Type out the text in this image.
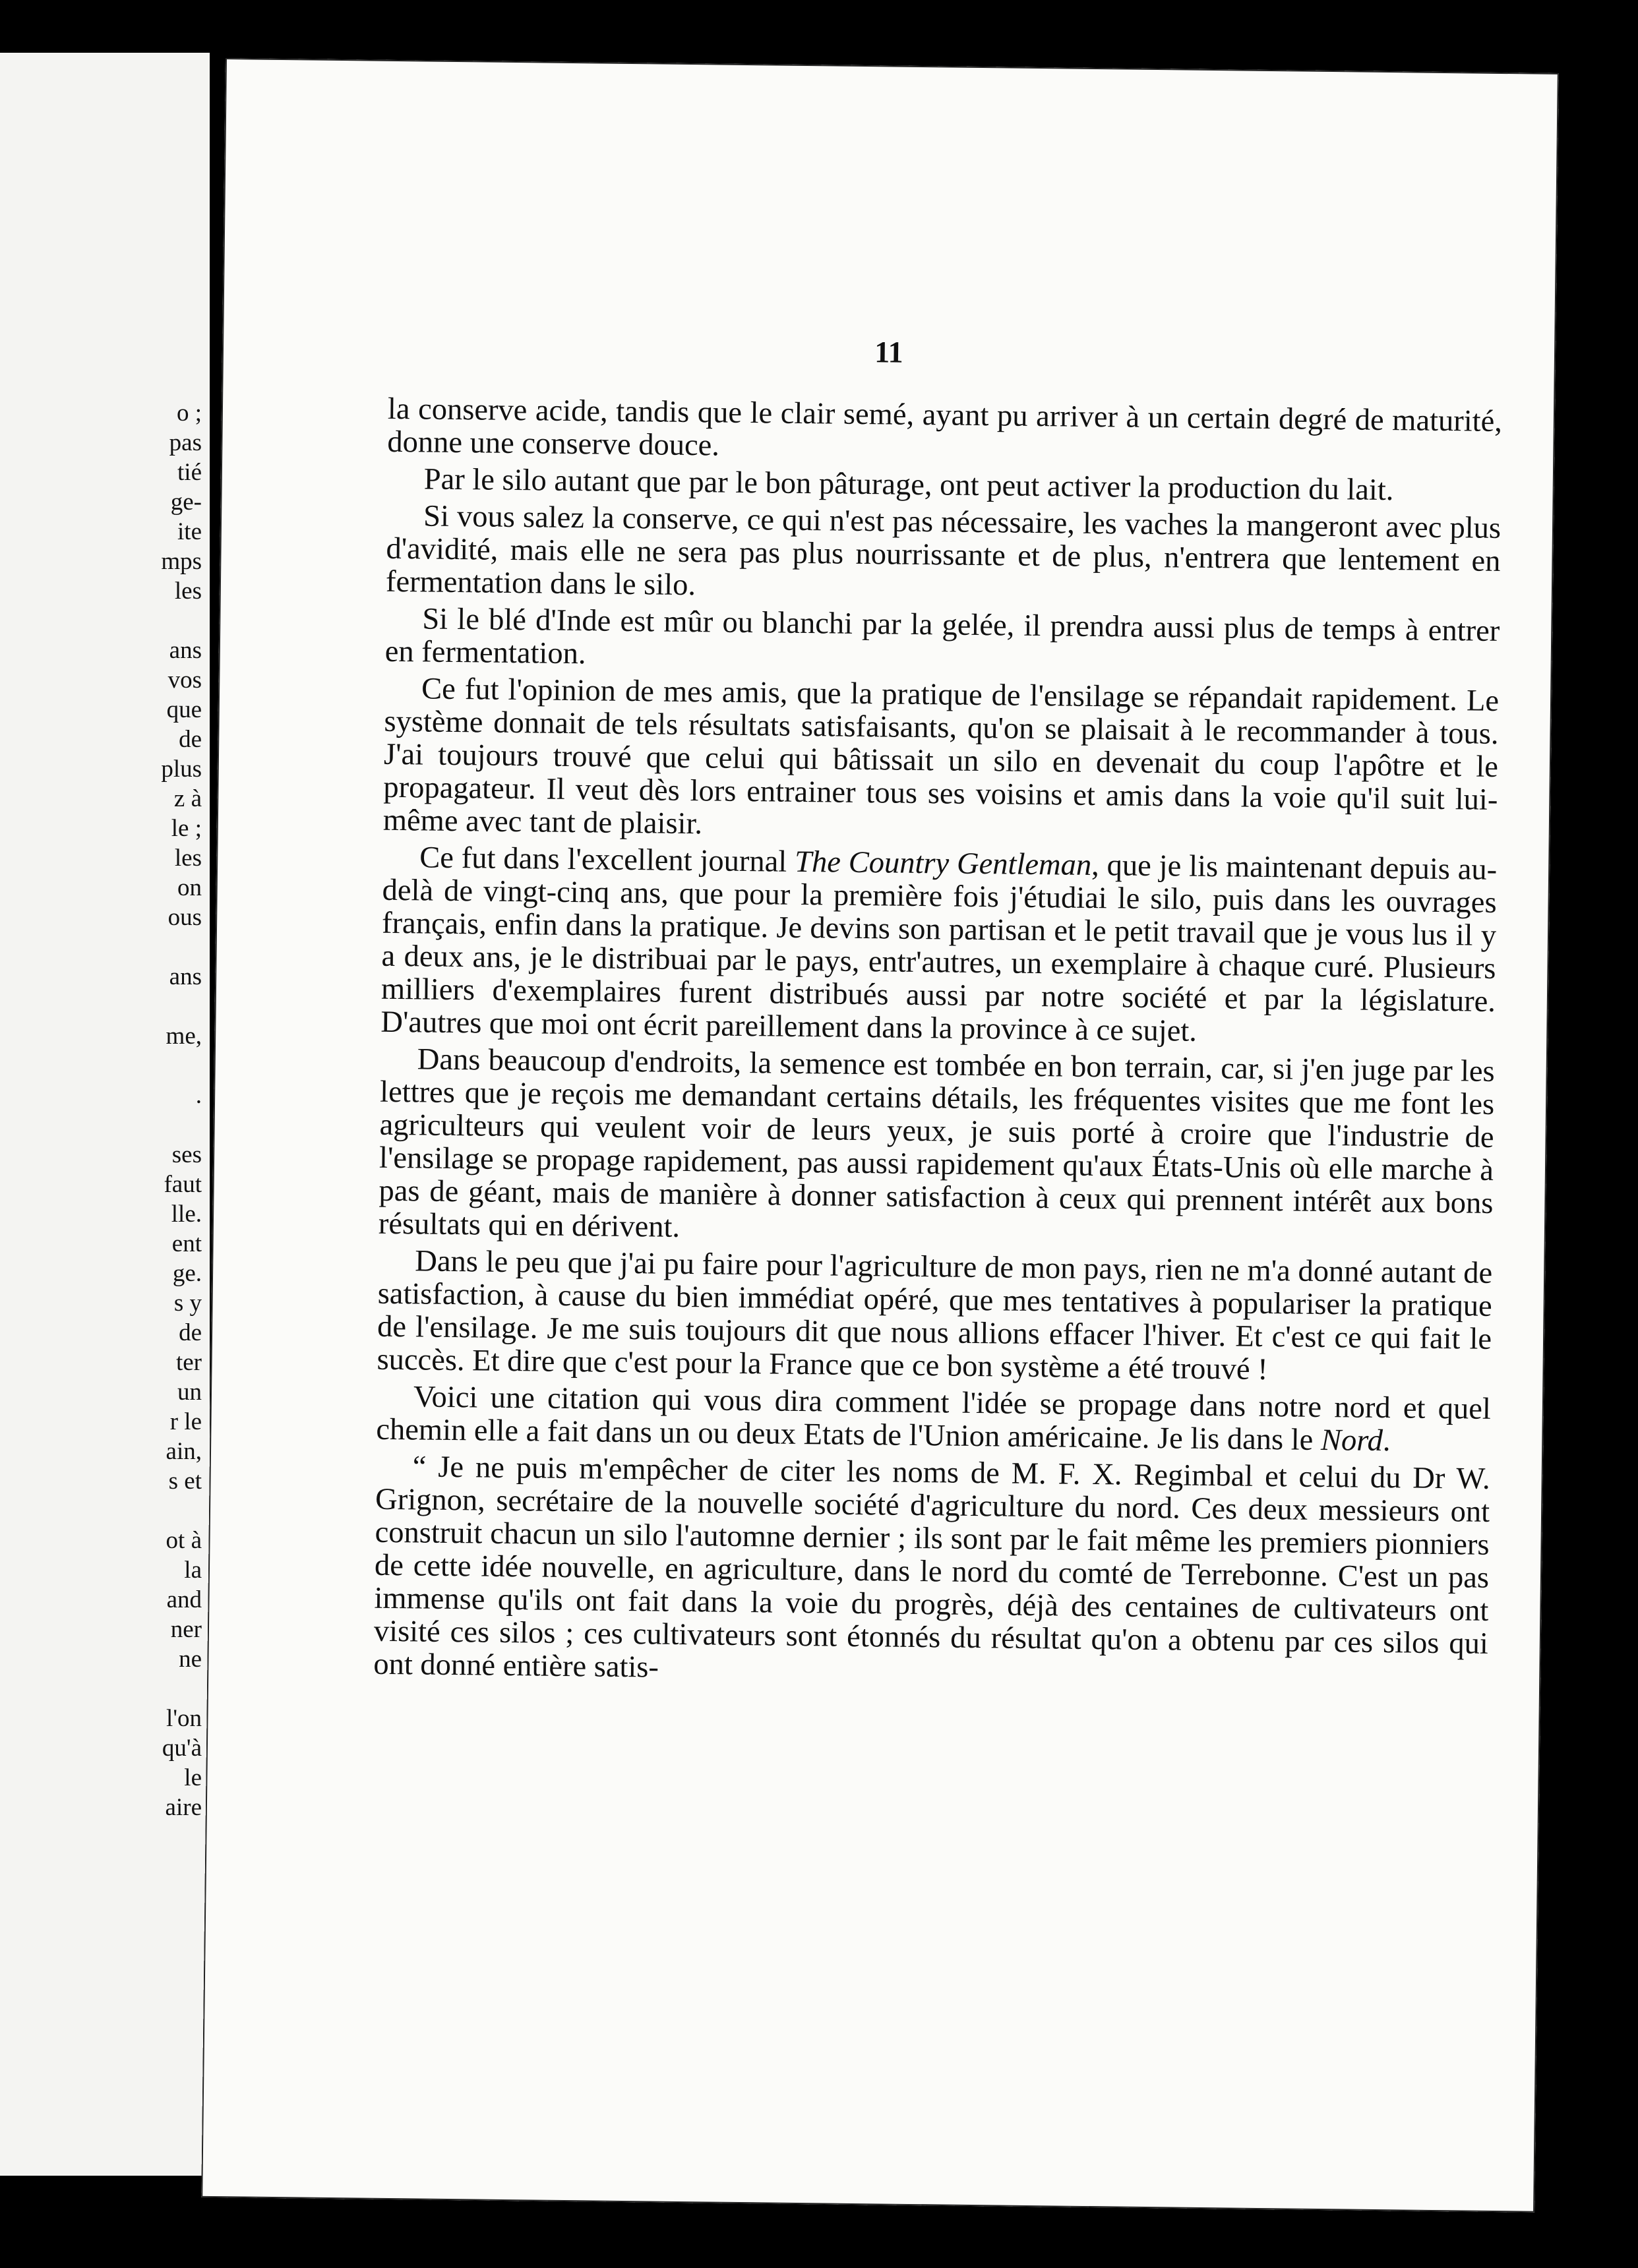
o ;
pas
tié
ge-
ite
mps
les
ans
vos
que
de
plus
z à
le ;
les
on
ous
ans
me,
.
ses
faut
lle.
ent
ge.
s y
de
ter
un
r le
ain,
s et
ot à
la
and
ner
ne
l'on
qu'à
le
aire
11

la conserve acide, tandis que le clair semé, ayant pu arriver à un certain degré de maturité, donne une conserve douce.

Par le silo autant que par le bon pâturage, ont peut activer la production du lait.

Si vous salez la conserve, ce qui n'est pas nécessaire, les vaches la mangeront avec plus d'avidité, mais elle ne sera pas plus nourrissante et de plus, n'entrera que lentement en fermentation dans le silo.

Si le blé d'Inde est mûr ou blanchi par la gelée, il prendra aussi plus de temps à entrer en fermentation.

Ce fut l'opinion de mes amis, que la pratique de l'ensilage se répandait rapidement. Le système donnait de tels résultats satisfaisants, qu'on se plaisait à le recommander à tous. J'ai toujours trouvé que celui qui bâtissait un silo en devenait du coup l'apôtre et le propagateur. Il veut dès lors entrainer tous ses voisins et amis dans la voie qu'il suit lui-même avec tant de plaisir.

Ce fut dans l'excellent journal The Country Gentleman, que je lis maintenant depuis au-delà de vingt-cinq ans, que pour la première fois j'étudiai le silo, puis dans les ouvrages français, enfin dans la pratique. Je devins son partisan et le petit travail que je vous lus il y a deux ans, je le distribuai par le pays, entr'autres, un exemplaire à chaque curé. Plusieurs milliers d'exemplaires furent distribués aussi par notre société et par la législature. D'autres que moi ont écrit pareillement dans la province à ce sujet.

Dans beaucoup d'endroits, la semence est tombée en bon terrain, car, si j'en juge par les lettres que je reçois me demandant certains détails, les fréquentes visites que me font les agriculteurs qui veulent voir de leurs yeux, je suis porté à croire que l'industrie de l'ensilage se propage rapidement, pas aussi rapidement qu'aux États-Unis où elle marche à pas de géant, mais de manière à donner satisfaction à ceux qui prennent intérêt aux bons résultats qui en dérivent.

Dans le peu que j'ai pu faire pour l'agriculture de mon pays, rien ne m'a donné autant de satisfaction, à cause du bien immédiat opéré, que mes tentatives à populariser la pratique de l'ensilage. Je me suis toujours dit que nous allions effacer l'hiver. Et c'est ce qui fait le succès. Et dire que c'est pour la France que ce bon système a été trouvé !

Voici une citation qui vous dira comment l'idée se propage dans notre nord et quel chemin elle a fait dans un ou deux Etats de l'Union américaine. Je lis dans le Nord.

“ Je ne puis m'empêcher de citer les noms de M. F. X. Regimbal et celui du Dr W. Grignon, secrétaire de la nouvelle société d'agriculture du nord. Ces deux messieurs ont construit chacun un silo l'automne dernier ; ils sont par le fait même les premiers pionniers de cette idée nouvelle, en agriculture, dans le nord du comté de Terrebonne. C'est un pas immense qu'ils ont fait dans la voie du progrès, déjà des centaines de cultivateurs ont visité ces silos ; ces cultivateurs sont étonnés du résultat qu'on a obtenu par ces silos qui ont donné entière satis-
